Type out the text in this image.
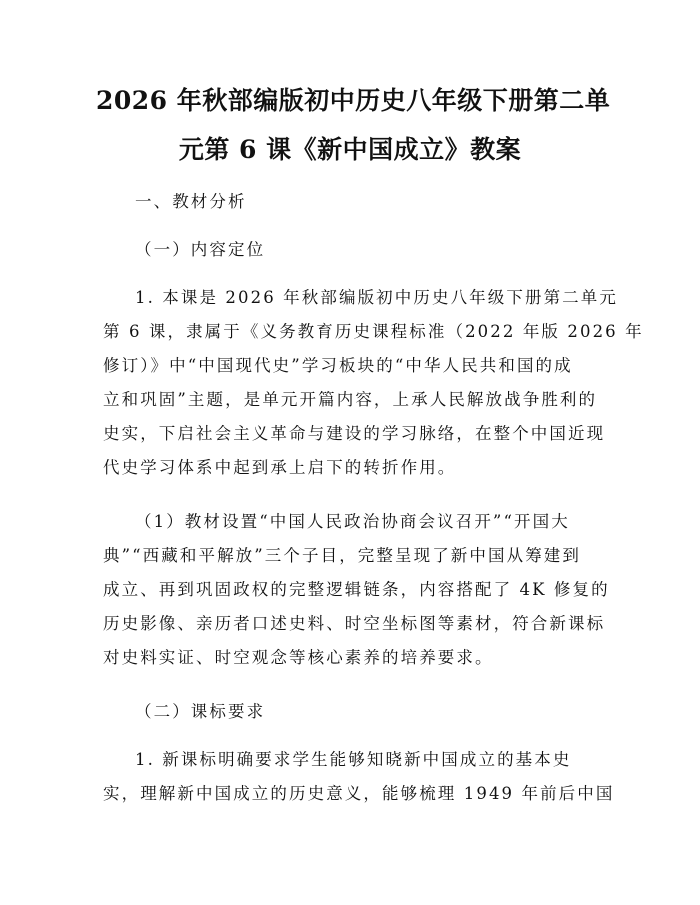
2026 年秋部编版初中历史八年级下册第二单
元第 6 课《新中国成立》教案
一、教材分析
（一）内容定位
1. 本课是 2026 年秋部编版初中历史八年级下册第二单元
第 6 课，隶属于《义务教育历史课程标准（2022 年版 2026 年
修订）》中“中国现代史”学习板块的“中华人民共和国的成
立和巩固”主题，是单元开篇内容，上承人民解放战争胜利的
史实，下启社会主义革命与建设的学习脉络，在整个中国近现
代史学习体系中起到承上启下的转折作用。
（1）教材设置“中国人民政治协商会议召开”“开国大
典”“西藏和平解放”三个子目，完整呈现了新中国从筹建到
成立、再到巩固政权的完整逻辑链条，内容搭配了 4K 修复的
历史影像、亲历者口述史料、时空坐标图等素材，符合新课标
对史料实证、时空观念等核心素养的培养要求。
（二）课标要求
1. 新课标明确要求学生能够知晓新中国成立的基本史
实，理解新中国成立的历史意义，能够梳理 1949 年前后中国
